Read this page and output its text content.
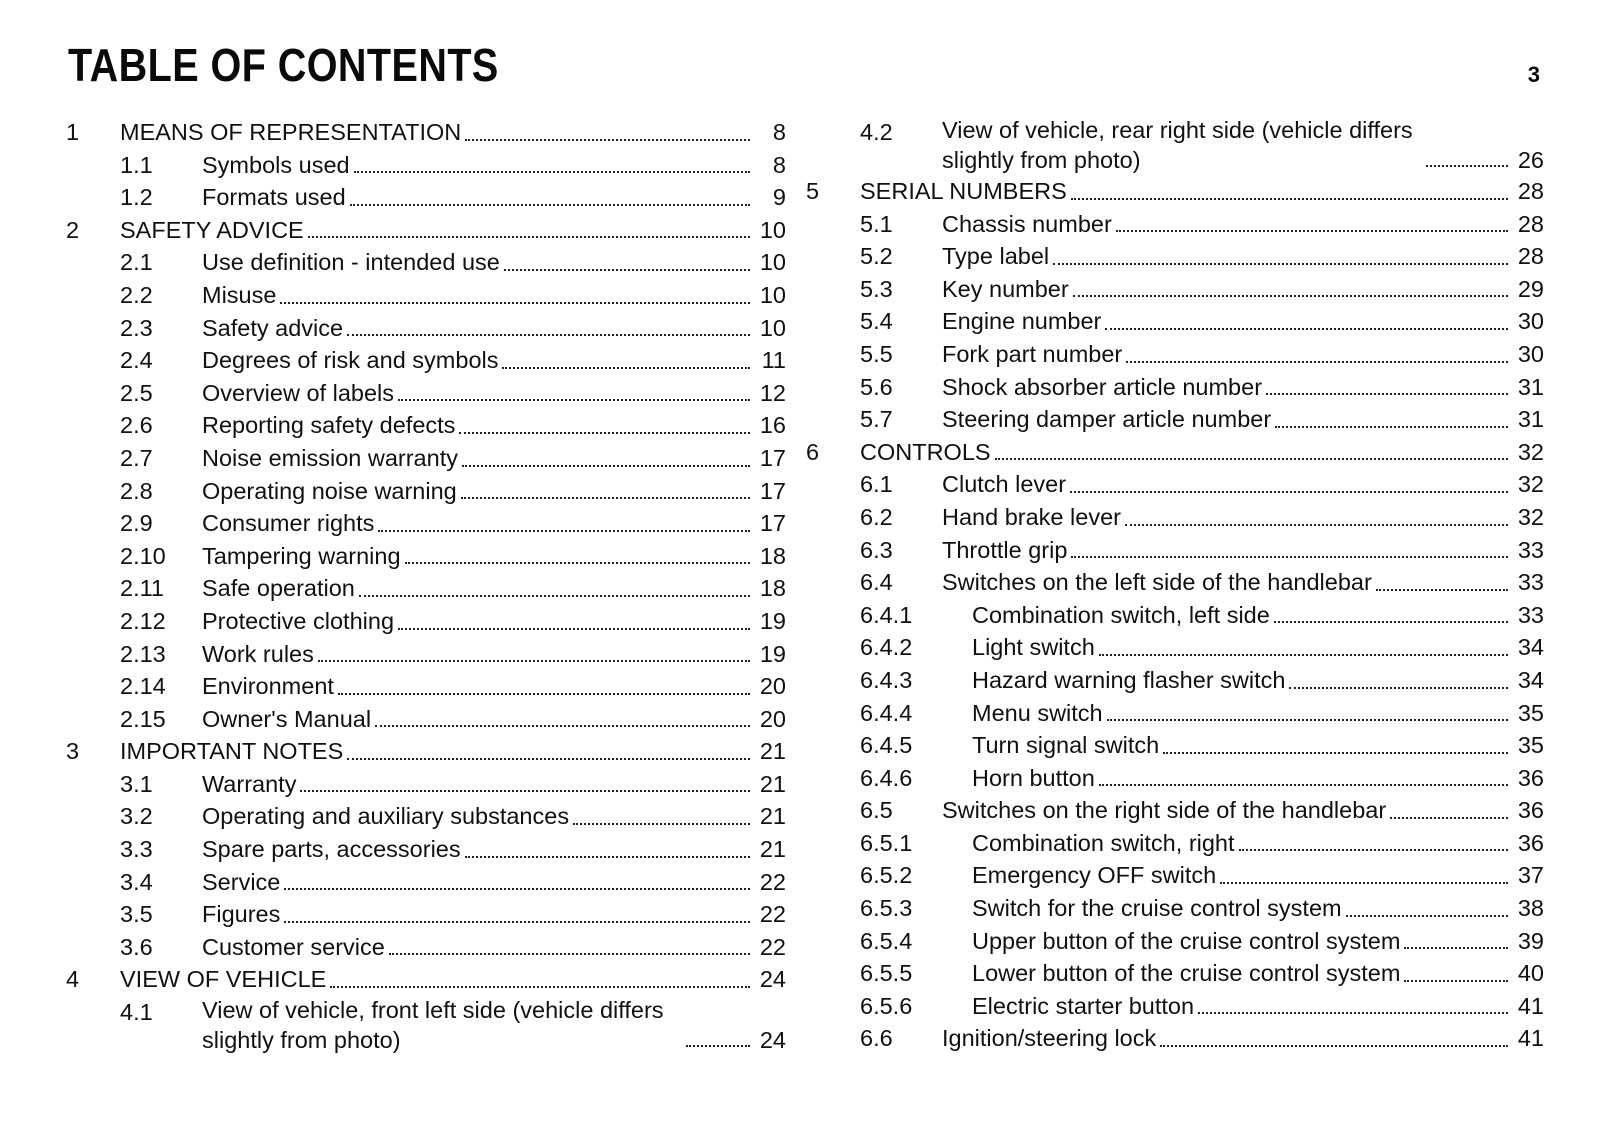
TABLE OF CONTENTS	3
1	MEANS OF REPRESENTATION	8
1.1	Symbols used	8
1.2	Formats used	9
2	SAFETY ADVICE	10
2.1	Use definition - intended use	10
2.2	Misuse	10
2.3	Safety advice	10
2.4	Degrees of risk and symbols	11
2.5	Overview of labels	12
2.6	Reporting safety defects	16
2.7	Noise emission warranty	17
2.8	Operating noise warning	17
2.9	Consumer rights	17
2.10	Tampering warning	18
2.11	Safe operation	18
2.12	Protective clothing	19
2.13	Work rules	19
2.14	Environment	20
2.15	Owner's Manual	20
3	IMPORTANT NOTES	21
3.1	Warranty	21
3.2	Operating and auxiliary substances	21
3.3	Spare parts, accessories	21
3.4	Service	22
3.5	Figures	22
3.6	Customer service	22
4	VIEW OF VEHICLE	24
4.1	View of vehicle, front left side (vehicle differs
slightly from photo)	24
4.2	View of vehicle, rear right side (vehicle differs
slightly from photo)	26
5	SERIAL NUMBERS	28
5.1	Chassis number	28
5.2	Type label	28
5.3	Key number	29
5.4	Engine number	30
5.5	Fork part number	30
5.6	Shock absorber article number	31
5.7	Steering damper article number	31
6	CONTROLS	32
6.1	Clutch lever	32
6.2	Hand brake lever	32
6.3	Throttle grip	33
6.4	Switches on the left side of the handlebar	33
6.4.1	Combination switch, left side	33
6.4.2	Light switch	34
6.4.3	Hazard warning flasher switch	34
6.4.4	Menu switch	35
6.4.5	Turn signal switch	35
6.4.6	Horn button	36
6.5	Switches on the right side of the handlebar	36
6.5.1	Combination switch, right	36
6.5.2	Emergency OFF switch	37
6.5.3	Switch for the cruise control system	38
6.5.4	Upper button of the cruise control system	39
6.5.5	Lower button of the cruise control system	40
6.5.6	Electric starter button	41
6.6	Ignition/steering lock	41
